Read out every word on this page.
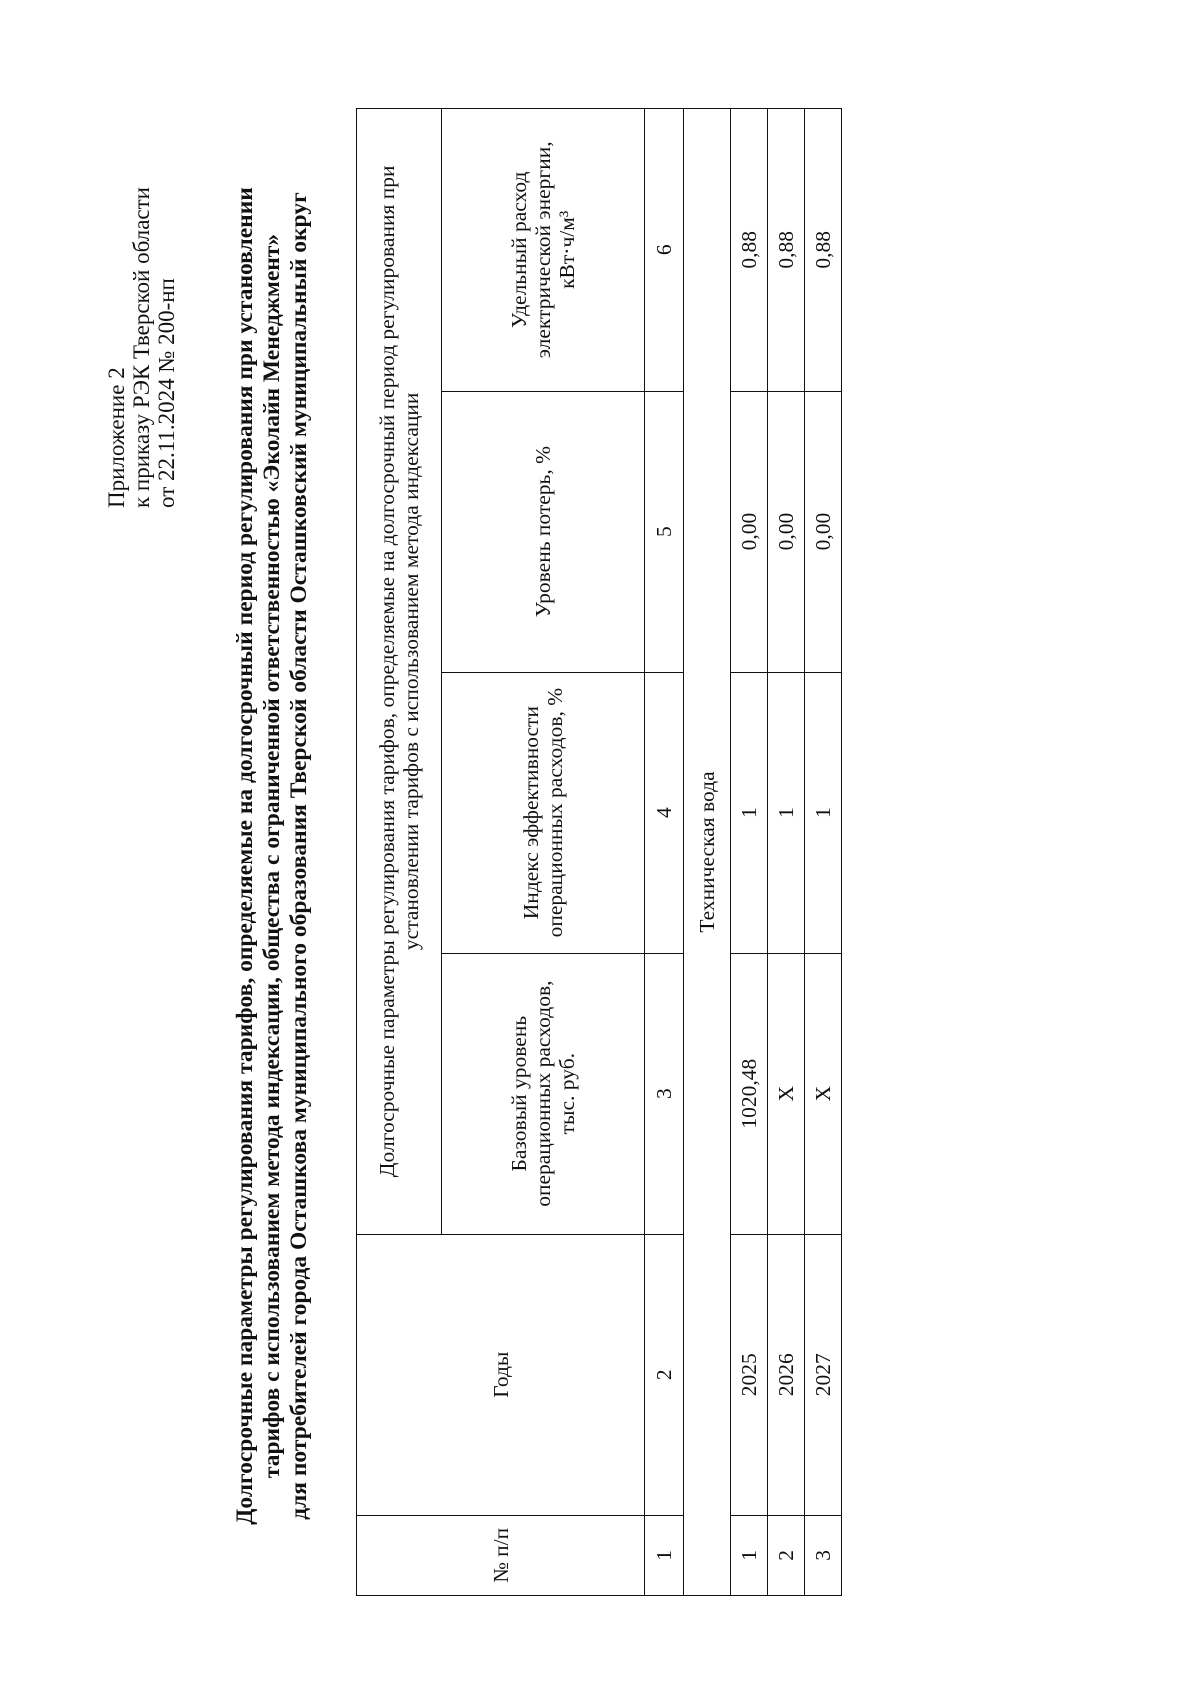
Приложение 2 к приказу РЭК Тверской области от 22.11.2024 № 200-нп Долгосрочные параметры регулирования тарифов, определяемые на долгосрочный период регулирования при установлении тарифов с использованием метода индексации, общества с ограниченной ответственностью «Эколайн Менеджмент» для потребителей города Осташкова муниципального образования Тверской области Осташковский муниципальный округ
№ п/п	Годы	Долгосрочные параметры регулирования тарифов, определяемые на долгосрочный период регулирования при установлении тарифов с использованием метода индексации			
		Базовый уровень операционных расходов, тыс. руб.	Индекс эффективности операционных расходов, %	Уровень потерь, %	Удельный расход электрической энергии, кВт·ч/м³
1	2	3	4	5	6
Техническая вода					
1	2025	1020,48	1	0,00	0,88
2	2026	X	1	0,00	0,88
3	2027	X	1	0,00	0,88
